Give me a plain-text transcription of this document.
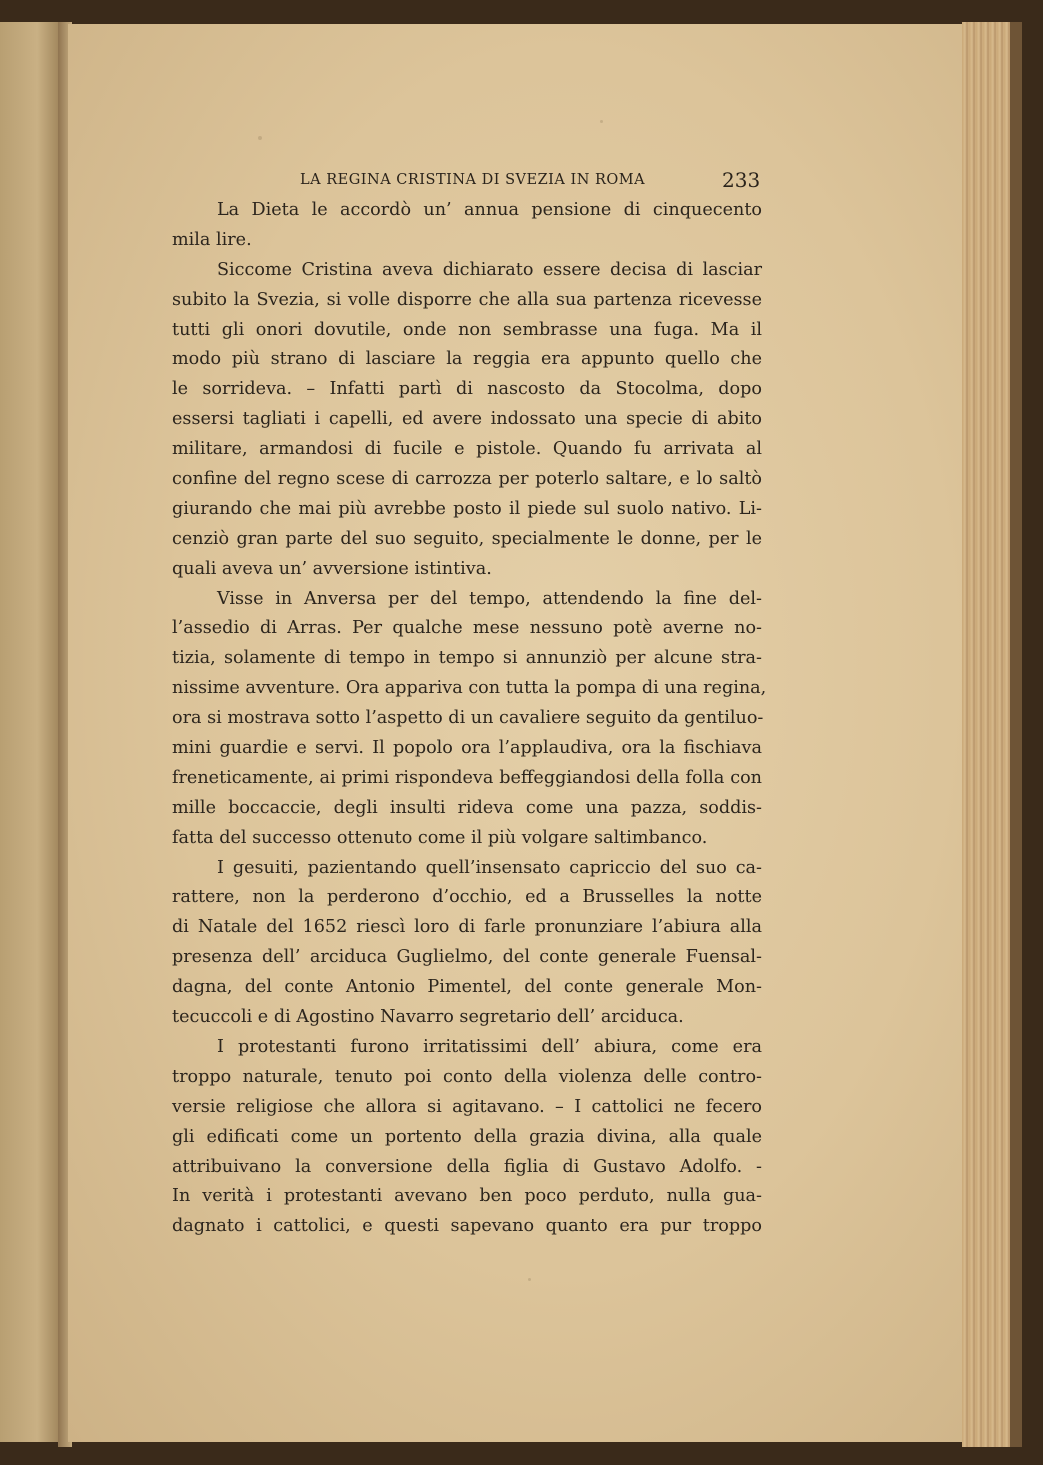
LA REGINA CRISTINA DI SVEZIA IN ROMA	233
La Dieta le accordò un’ annua pensione di cinquecento
mila lire.
Siccome Cristina aveva dichiarato essere decisa di lasciar
subito la Svezia, si volle disporre che alla sua partenza ricevesse
tutti gli onori dovutile, onde non sembrasse una fuga. Ma il
modo più strano di lasciare la reggia era appunto quello che
le sorrideva. – Infatti partì di nascosto da Stocolma, dopo
essersi tagliati i capelli, ed avere indossato una specie di abito
militare, armandosi di fucile e pistole. Quando fu arrivata al
confine del regno scese di carrozza per poterlo saltare, e lo saltò
giurando che mai più avrebbe posto il piede sul suolo nativo. Li-
cenziò gran parte del suo seguito, specialmente le donne, per le
quali aveva un’ avversione istintiva.
Visse in Anversa per del tempo, attendendo la fine del-
l’assedio di Arras. Per qualche mese nessuno potè averne no-
tizia, solamente di tempo in tempo si annunziò per alcune stra-
nissime avventure. Ora appariva con tutta la pompa di una regina,
ora si mostrava sotto l’aspetto di un cavaliere seguito da gentiluo-
mini guardie e servi. Il popolo ora l’applaudiva, ora la fischiava
freneticamente, ai primi rispondeva beffeggiandosi della folla con
mille boccaccie, degli insulti rideva come una pazza, soddis-
fatta del successo ottenuto come il più volgare saltimbanco.
I gesuiti, pazientando quell’insensato capriccio del suo ca-
rattere, non la perderono d’occhio, ed a Brusselles la notte
di Natale del 1652 riescì loro di farle pronunziare l’abiura alla
presenza dell’ arciduca Guglielmo, del conte generale Fuensal-
dagna, del conte Antonio Pimentel, del conte generale Mon-
tecuccoli e di Agostino Navarro segretario dell’ arciduca.
I protestanti furono irritatissimi dell’ abiura, come era
troppo naturale, tenuto poi conto della violenza delle contro-
versie religiose che allora si agitavano. – I cattolici ne fecero
gli edificati come un portento della grazia divina, alla quale
attribuivano la conversione della figlia di Gustavo Adolfo. -
In verità i protestanti avevano ben poco perduto, nulla gua-
dagnato i cattolici, e questi sapevano quanto era pur troppo
